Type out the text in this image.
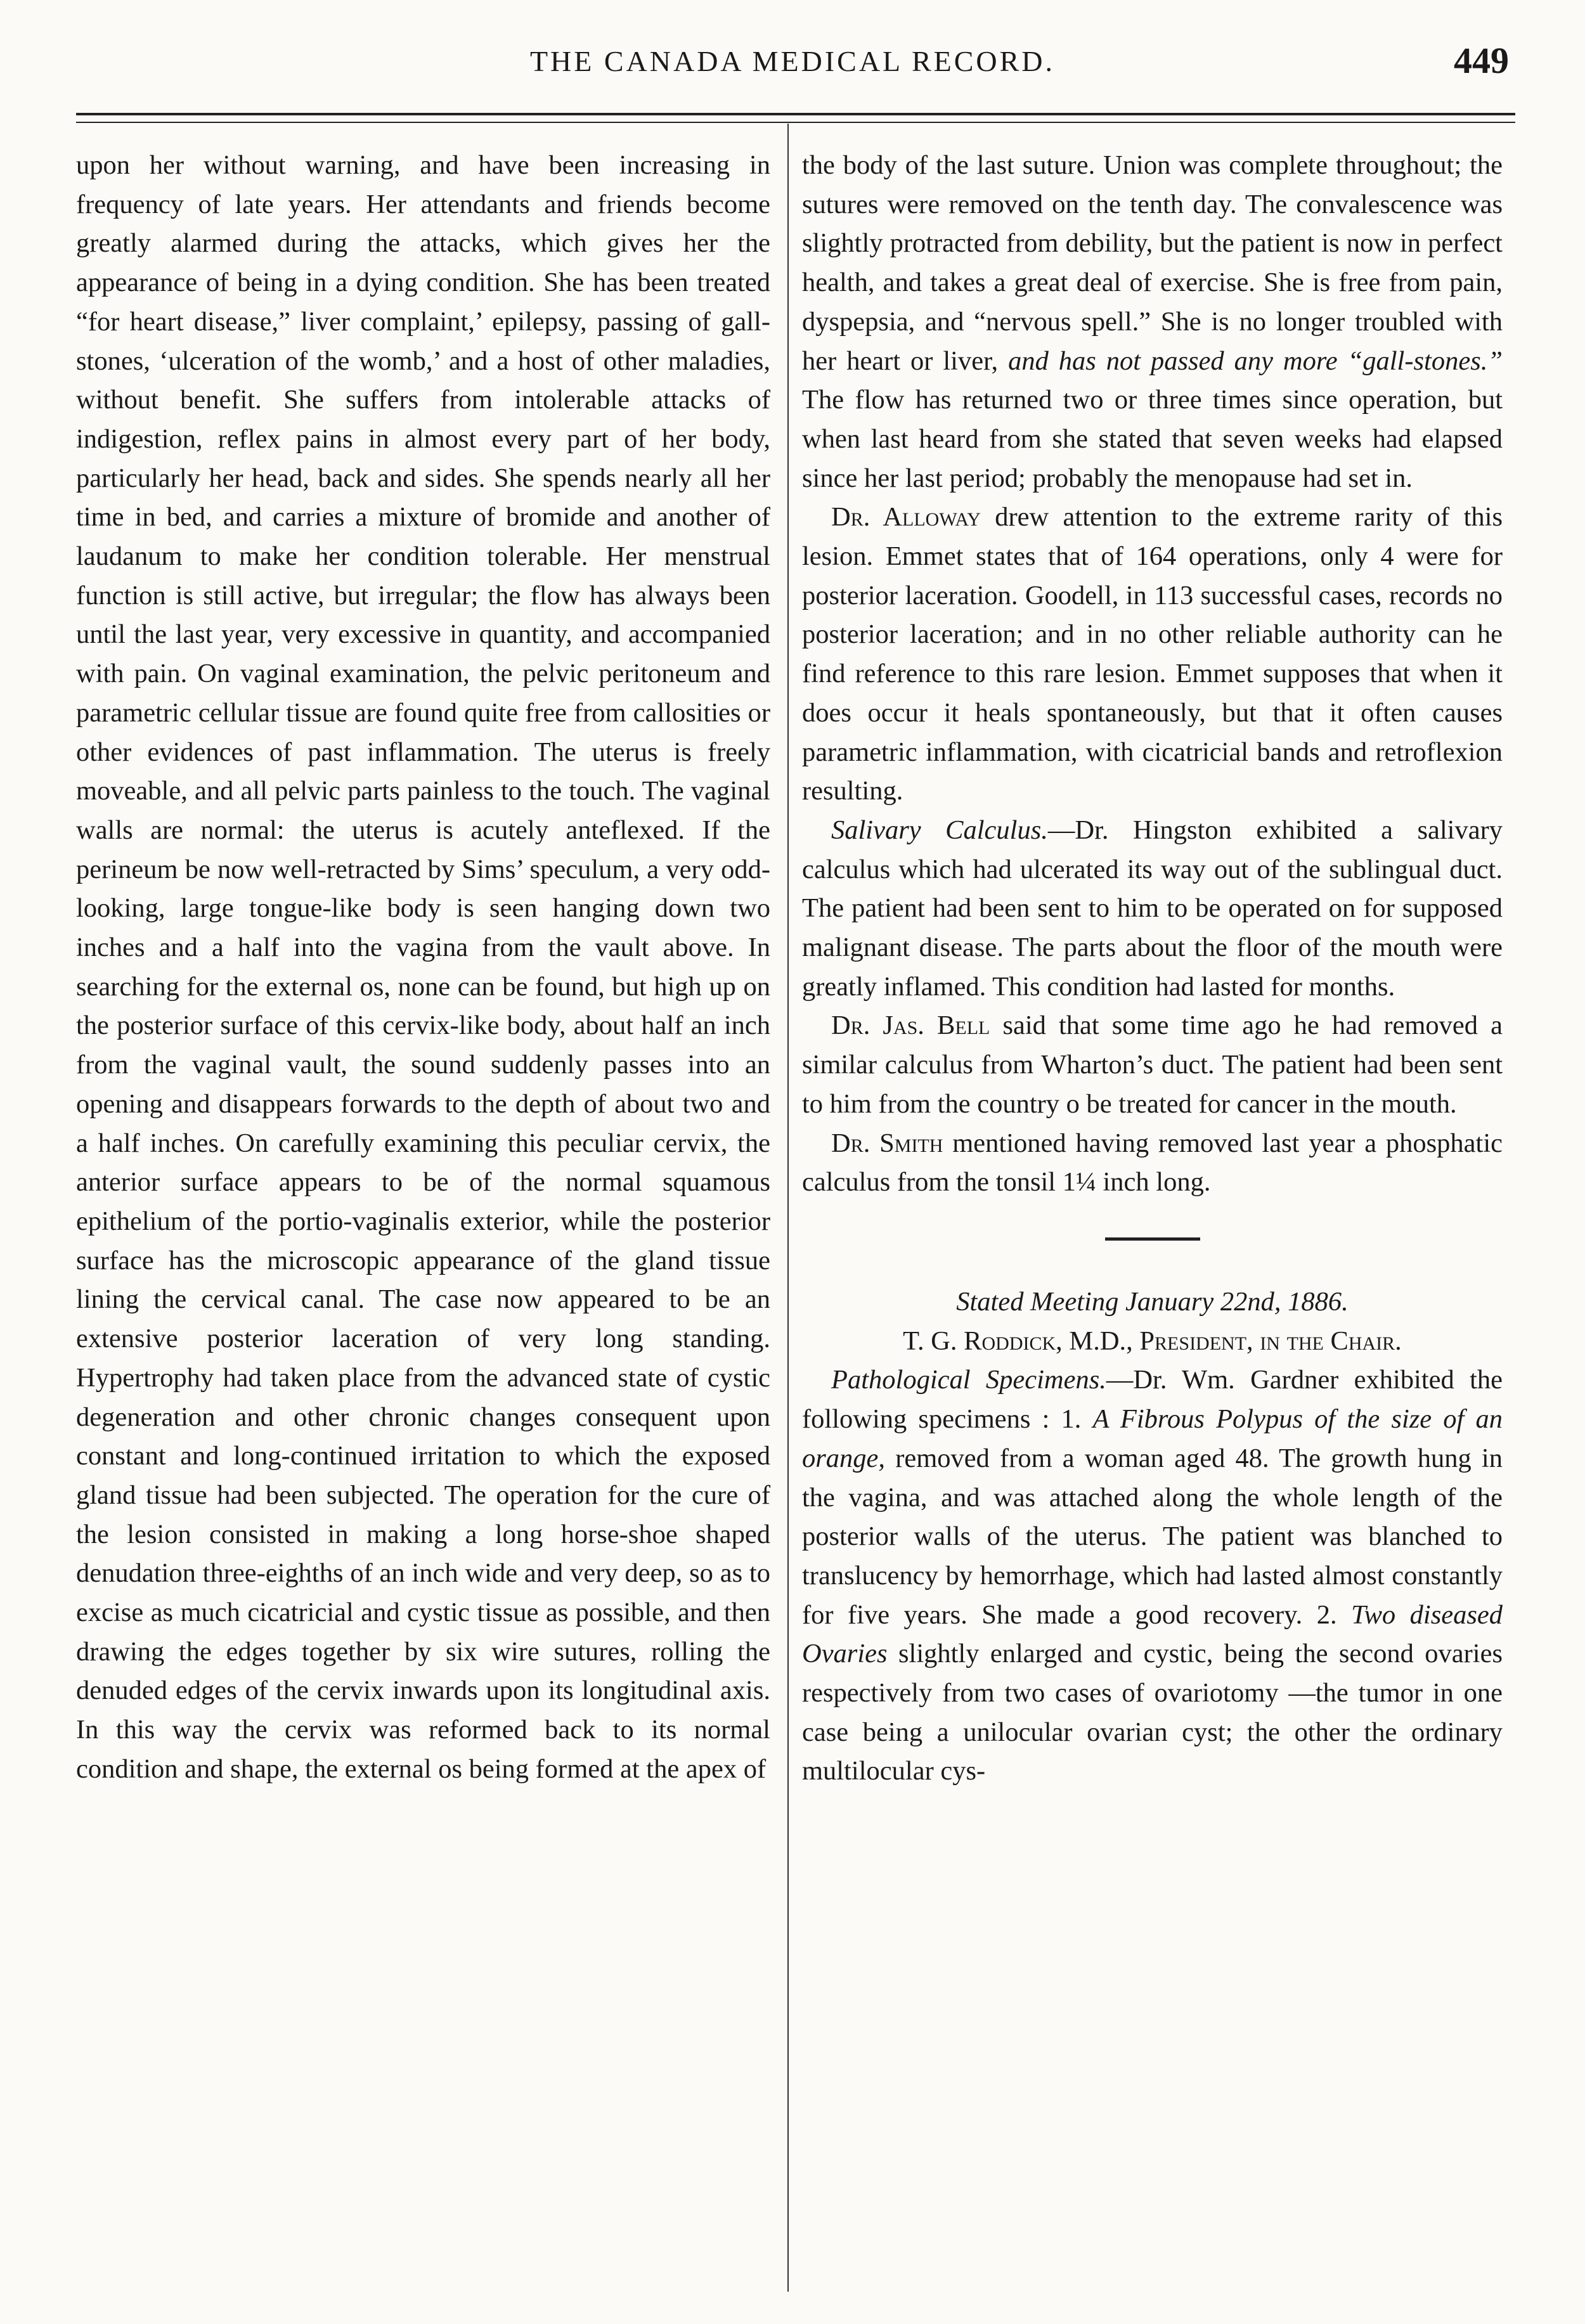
THE CANADA MEDICAL RECORD.	449

upon her without warning, and have been increasing in frequency of late years. Her attendants and friends become greatly alarmed during the attacks, which gives her the appearance of being in a dying condition. She has been treated “for heart disease,” liver complaint,’ epilepsy, passing of gall-stones, ‘ulceration of the womb,’ and a host of other maladies, without benefit. She suffers from intolerable attacks of indigestion, reflex pains in almost every part of her body, particularly her head, back and sides. She spends nearly all her time in bed, and carries a mixture of bromide and another of laudanum to make her condition tolerable. Her menstrual function is still active, but irregular; the flow has always been until the last year, very excessive in quantity, and accompanied with pain. On vaginal examination, the pelvic peritoneum and parametric cellular tissue are found quite free from callosities or other evidences of past inflammation. The uterus is freely moveable, and all pelvic parts painless to the touch. The vaginal walls are normal: the uterus is acutely anteflexed. If the perineum be now well-retracted by Sims’ speculum, a very odd-looking, large tongue-like body is seen hanging down two inches and a half into the vagina from the vault above. In searching for the external os, none can be found, but high up on the posterior surface of this cervix-like body, about half an inch from the vaginal vault, the sound suddenly passes into an opening and disappears forwards to the depth of about two and a half inches. On carefully examining this peculiar cervix, the anterior surface appears to be of the normal squamous epithelium of the portio-vaginalis exterior, while the posterior surface has the microscopic appearance of the gland tissue lining the cervical canal. The case now appeared to be an extensive posterior laceration of very long standing. Hypertrophy had taken place from the advanced state of cystic degeneration and other chronic changes consequent upon constant and long-continued irritation to which the exposed gland tissue had been subjected. The operation for the cure of the lesion consisted in making a long horse-shoe shaped denudation three-eighths of an inch wide and very deep, so as to excise as much cicatricial and cystic tissue as possible, and then drawing the edges together by six wire sutures, rolling the denuded edges of the cervix inwards upon its longitudinal axis. In this way the cervix was reformed back to its normal condition and shape, the external os being formed at the apex of

the body of the last suture. Union was complete throughout; the sutures were removed on the tenth day. The convalescence was slightly protracted from debility, but the patient is now in perfect health, and takes a great deal of exercise. She is free from pain, dyspepsia, and “nervous spell.” She is no longer troubled with her heart or liver, and has not passed any more “gall-stones.” The flow has returned two or three times since operation, but when last heard from she stated that seven weeks had elapsed since her last period; probably the menopause had set in.

Dr. Alloway drew attention to the extreme rarity of this lesion. Emmet states that of 164 operations, only 4 were for posterior laceration. Goodell, in 113 successful cases, records no posterior laceration; and in no other reliable authority can he find reference to this rare lesion. Emmet supposes that when it does occur it heals spontaneously, but that it often causes parametric inflammation, with cicatricial bands and retroflexion resulting.

Salivary Calculus.—Dr. Hingston exhibited a salivary calculus which had ulcerated its way out of the sublingual duct. The patient had been sent to him to be operated on for supposed malignant disease. The parts about the floor of the mouth were greatly inflamed. This condition had lasted for months.

Dr. Jas. Bell said that some time ago he had removed a similar calculus from Wharton’s duct. The patient had been sent to him from the country o be treated for cancer in the mouth.

Dr. Smith mentioned having removed last year a phosphatic calculus from the tonsil 1¼ inch long.

Stated Meeting January 22nd, 1886.

T. G. Roddick, M.D., President, in the Chair.

Pathological Specimens.—Dr. Wm. Gardner exhibited the following specimens : 1. A Fibrous Polypus of the size of an orange, removed from a woman aged 48. The growth hung in the vagina, and was attached along the whole length of the posterior walls of the uterus. The patient was blanched to translucency by hemorrhage, which had lasted almost constantly for five years. She made a good recovery. 2. Two diseased Ovaries slightly enlarged and cystic, being the second ovaries respectively from two cases of ovariotomy —the tumor in one case being a unilocular ovarian cyst; the other the ordinary multilocular cys-
